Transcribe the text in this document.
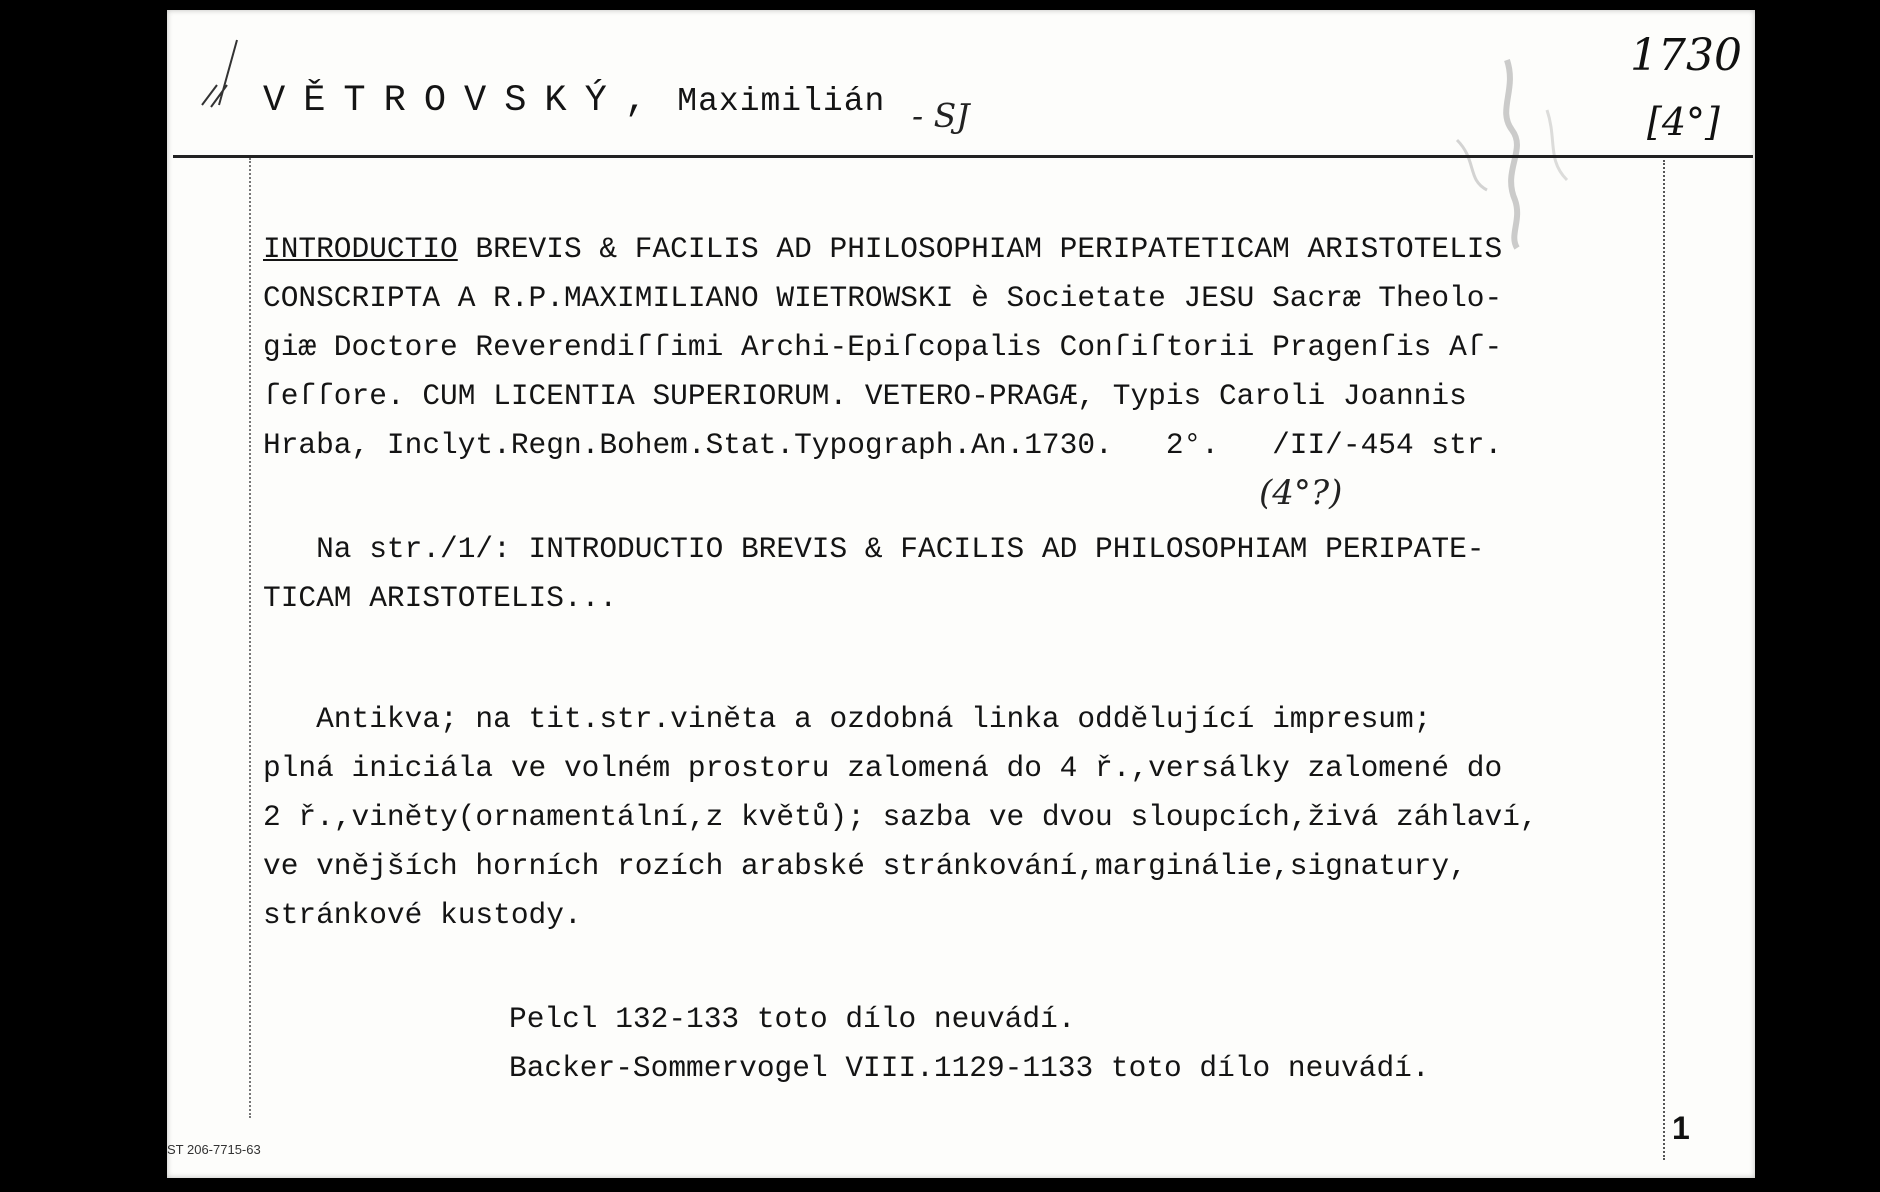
VĚTROVSKÝ, Maximilián - SJ
1730
[4°]
INTRODUCTIO BREVIS & FACILIS AD PHILOSOPHIAM PERIPATETICAM ARISTOTELIS
CONSCRIPTA A R.P.MAXIMILIANO WIETROWSKI è Societate JESU Sacræ Theolo-
giæ Doctore Reverendiſſimi Archi-Epiſcopalis Conſiſtorii Pragenſis Aſ-
ſeſſore. CUM LICENTIA SUPERIORUM. VETERO-PRAGÆ, Typis Caroli Joannis
Hraba, Inclyt.Regn.Bohem.Stat.Typograph.An.1730.   2°.   /II/-454 str.
(4°?)
Na str./1/: INTRODUCTIO BREVIS & FACILIS AD PHILOSOPHIAM PERIPATE-
TICAM ARISTOTELIS...
Antikva; na tit.str.viněta a ozdobná linka oddělující impresum;
plná iniciála ve volném prostoru zalomená do 4 ř.,versálky zalomené do
2 ř.,viněty(ornamentální,z květů); sazba ve dvou sloupcích,živá záhlaví,
ve vnějších horních rozích arabské stránkování,marginálie,signatury,
stránkové kustody.
Pelcl 132-133 toto dílo neuvádí.
Backer-Sommervogel VIII.1129-1133 toto dílo neuvádí.
1
ST 206-7715-63
